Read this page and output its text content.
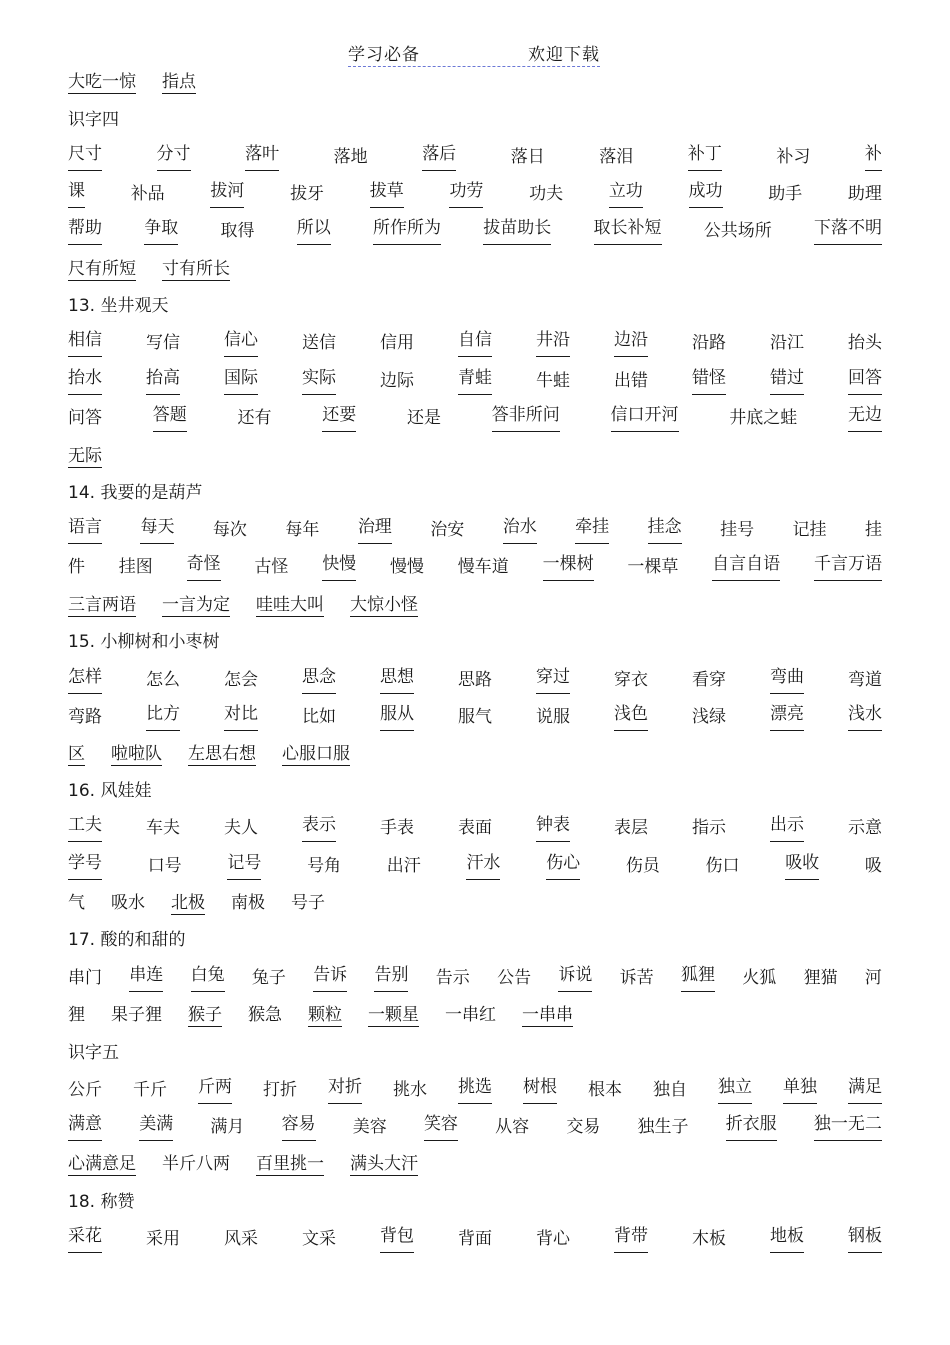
学习必备	欢迎下载
大吃一惊 指点
识字四
尺寸	分寸	落叶	落地	落后	落日	落泪	补丁	补习	补
课	补品	拔河	拔牙	拔草	功劳	功夫	立功	成功	助手	助理
帮助 争取 取得 所以 所作所为 拔苗助长 取长补短 公共场所 下落不明
尺有所短 寸有所长
13. 坐井观天
相信	写信	信心	送信	信用	自信	井沿	边沿	沿路	沿江	抬头
抬水	抬高	国际	实际	边际	青蛙	牛蛙	出错	错怪	错过	回答
问答	答题	还有	还要	还是	答非所问	信口开河	井底之蛙	无边
无际
14. 我要的是葫芦
语言 每天 每次 每年 治理 治安 治水 牵挂 挂念 挂号 记挂 挂
件 挂图 奇怪 古怪 快慢 慢慢 慢车道 一棵树 一棵草 自言自语 千言万语
三言两语 一言为定 哇哇大叫 大惊小怪
15. 小柳树和小枣树
怎样	怎么	怎会	思念	思想	思路	穿过	穿衣	看穿	弯曲	弯道
弯路	比方	对比	比如	服从	服气	说服	浅色	浅绿	漂亮	浅水
区 啦啦队 左思右想 心服口服
16. 风娃娃
工夫	车夫	夫人	表示	手表	表面	钟表	表层	指示	出示	示意
学号	口号	记号	号角	出汗	汗水	伤心	伤员	伤口	吸收	吸
气 吸水 北极 南极 号子
17. 酸的和甜的
串门 串连 白兔 兔子 告诉 告别 告示 公告 诉说 诉苦 狐狸 火狐 狸猫 河
狸 果子狸 猴子 猴急 颗粒 一颗星 一串红 一串串
识字五
公斤 千斤 斤两 打折 对折 挑水 挑选 树根 根本 独自 独立 单独 满足
满意 美满 满月 容易 美容 笑容 从容 交易 独生子 折衣服 独一无二
心满意足 半斤八两 百里挑一 满头大汗
18. 称赞
采花	采用	风采	文采	背包	背面	背心	背带	木板	地板	钢板
